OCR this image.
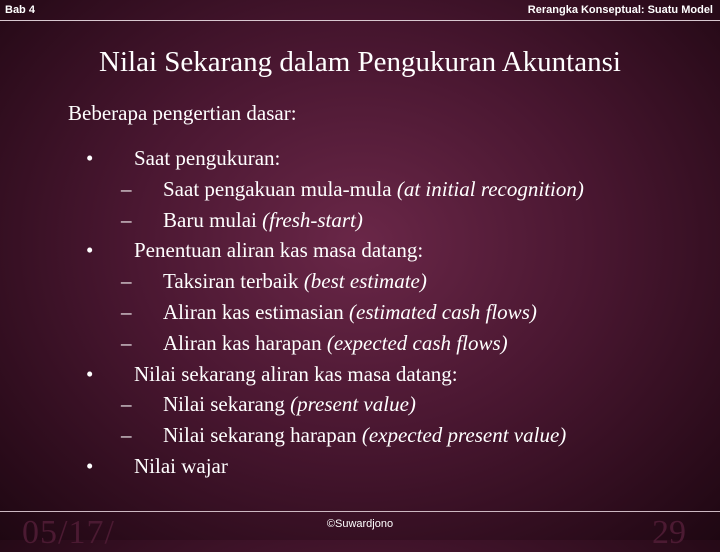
Bab 4	Rerangka Konseptual: Suatu Model
Nilai Sekarang dalam Pengukuran Akuntansi
Beberapa pengertian dasar:
• Saat pengukuran:
– Saat pengakuan mula-mula (at initial recognition)
– Baru mulai (fresh-start)
• Penentuan aliran kas masa datang:
– Taksiran terbaik (best estimate)
– Aliran kas estimasian (estimated cash flows)
– Aliran kas harapan (expected cash flows)
• Nilai sekarang aliran kas masa datang:
– Nilai sekarang (present value)
– Nilai sekarang harapan (expected present value)
• Nilai wajar
05/17/	©Suwardjono	29
